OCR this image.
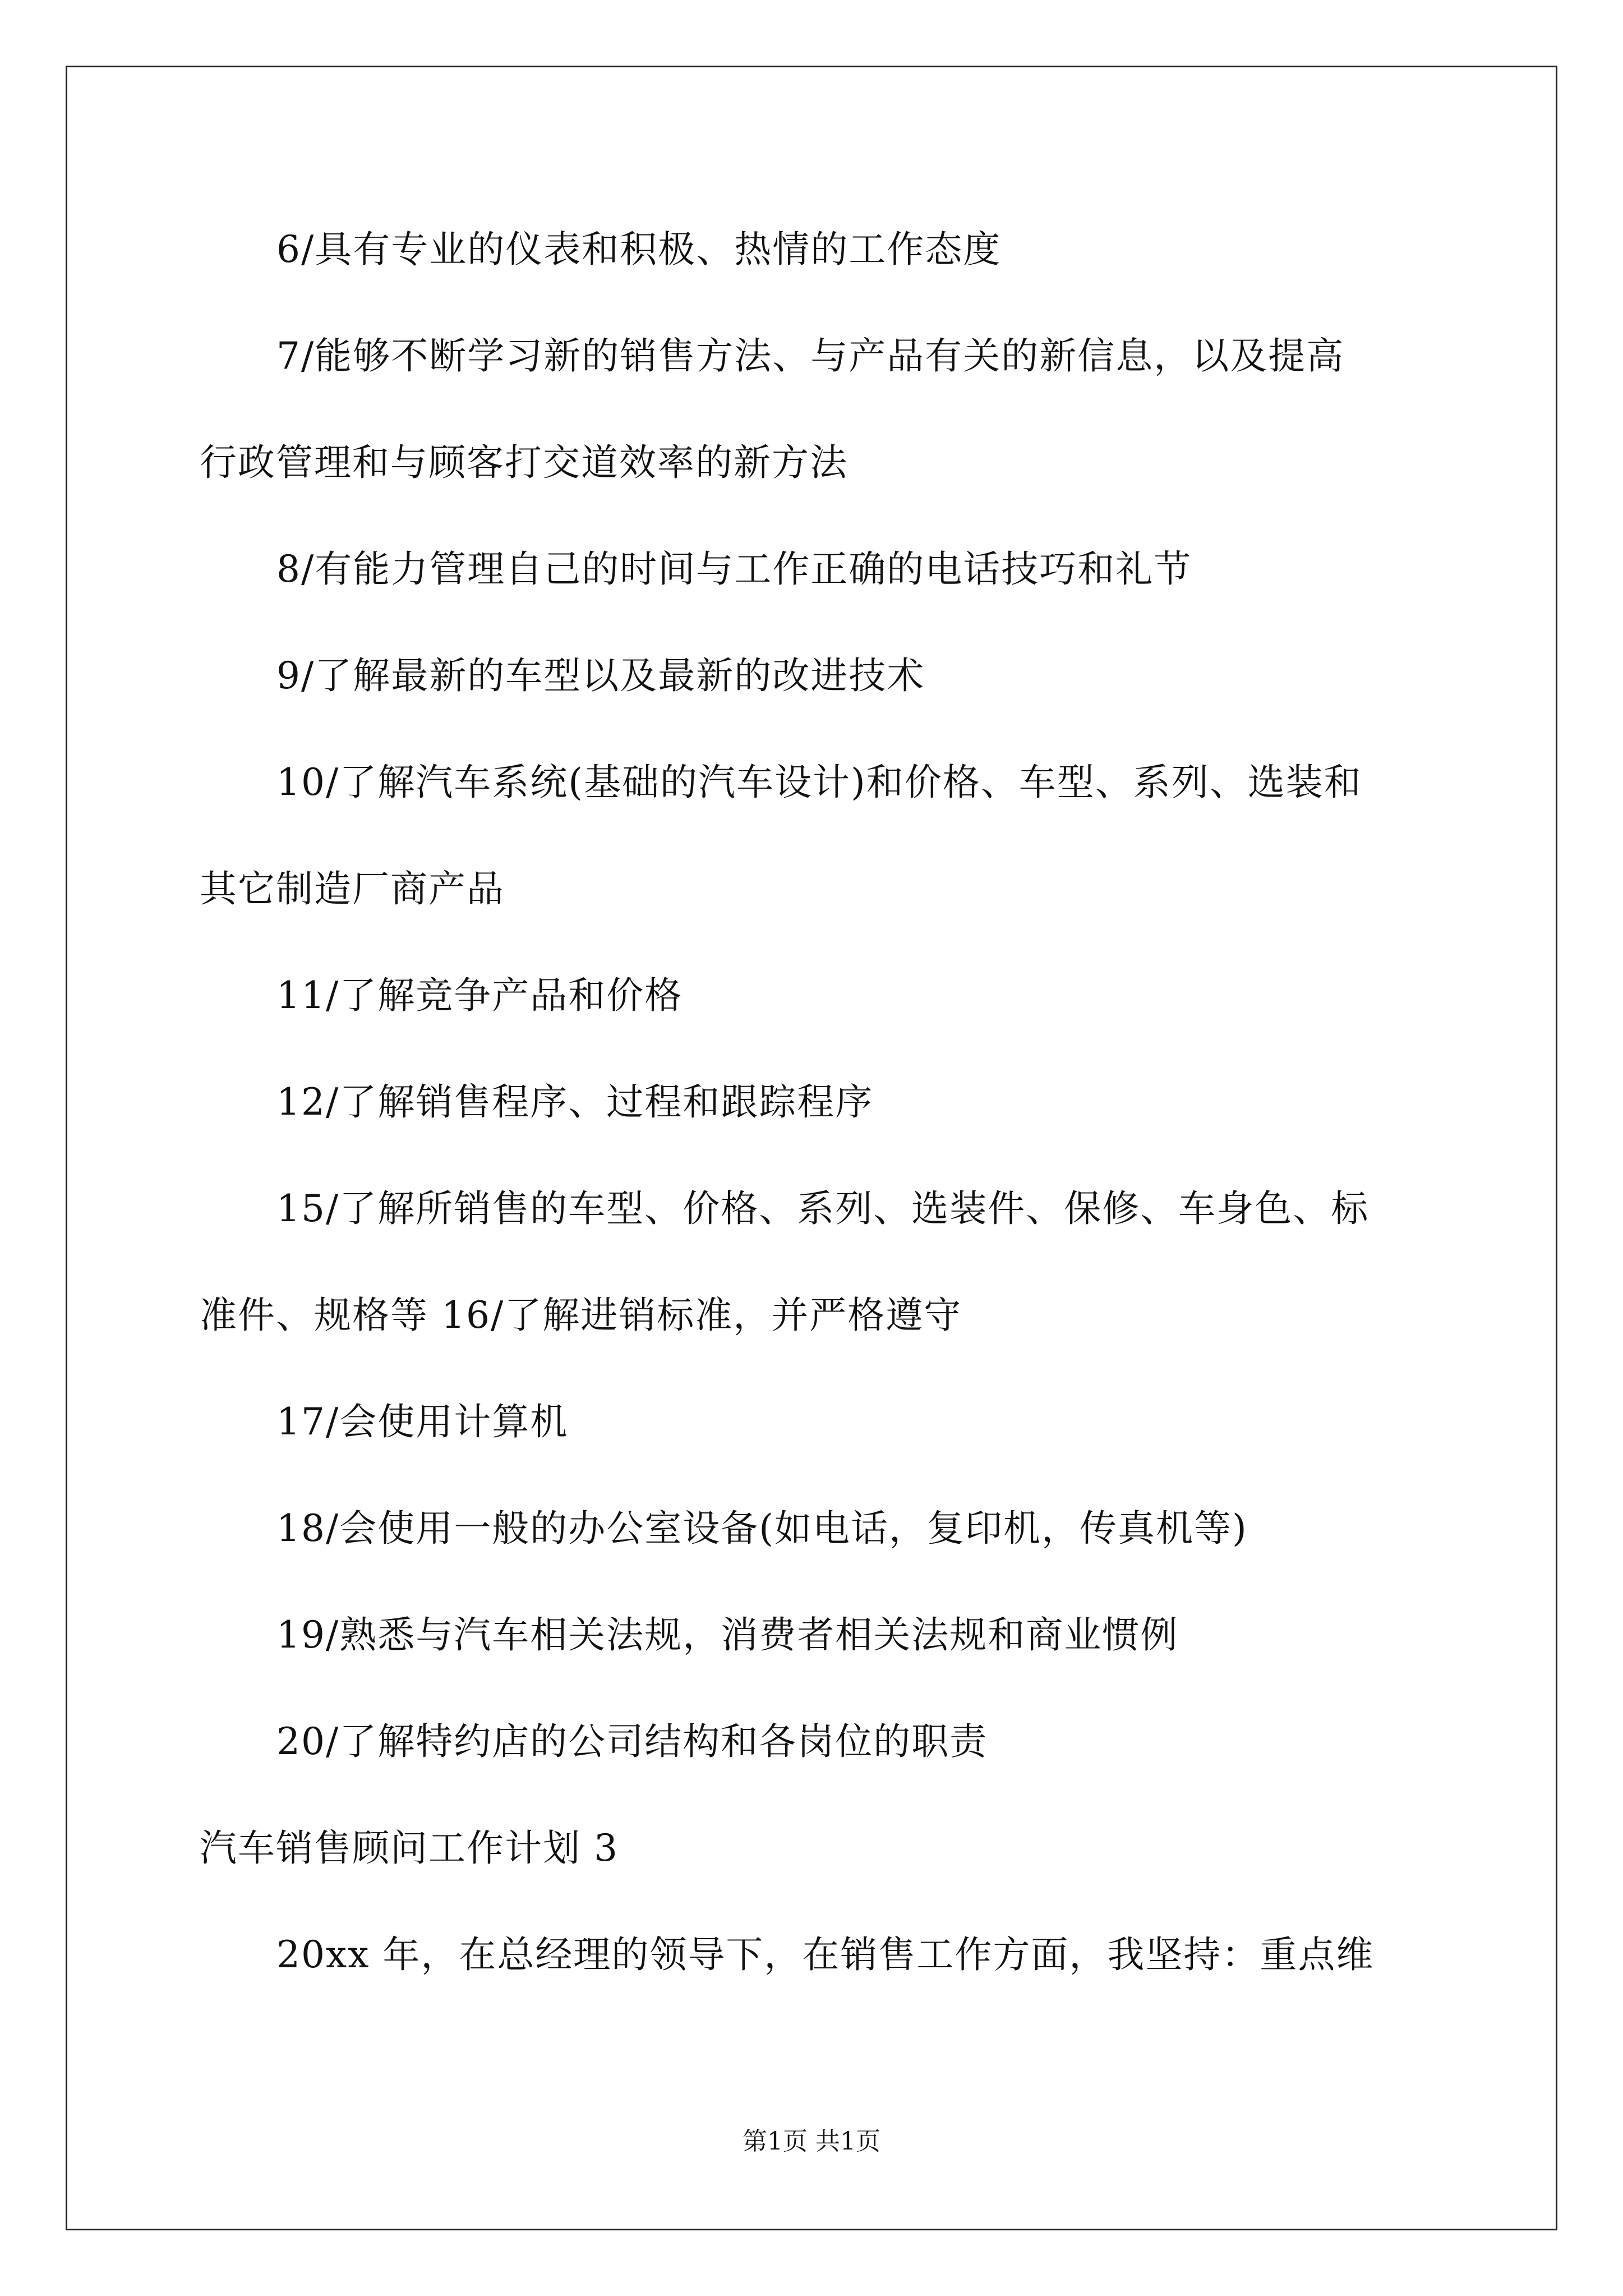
6/具有专业的仪表和积极、热情的工作态度
7/能够不断学习新的销售方法、与产品有关的新信息，以及提高
行政管理和与顾客打交道效率的新方法
8/有能力管理自己的时间与工作正确的电话技巧和礼节
9/了解最新的车型以及最新的改进技术
10/了解汽车系统(基础的汽车设计)和价格、车型、系列、选装和
其它制造厂商产品
11/了解竞争产品和价格
12/了解销售程序、过程和跟踪程序
15/了解所销售的车型、价格、系列、选装件、保修、车身色、标
准件、规格等 16/了解进销标准，并严格遵守
17/会使用计算机
18/会使用一般的办公室设备(如电话，复印机，传真机等)
19/熟悉与汽车相关法规，消费者相关法规和商业惯例
20/了解特约店的公司结构和各岗位的职责
汽车销售顾问工作计划 3
20xx 年，在总经理的领导下，在销售工作方面，我坚持：重点维
第1页 共1页
